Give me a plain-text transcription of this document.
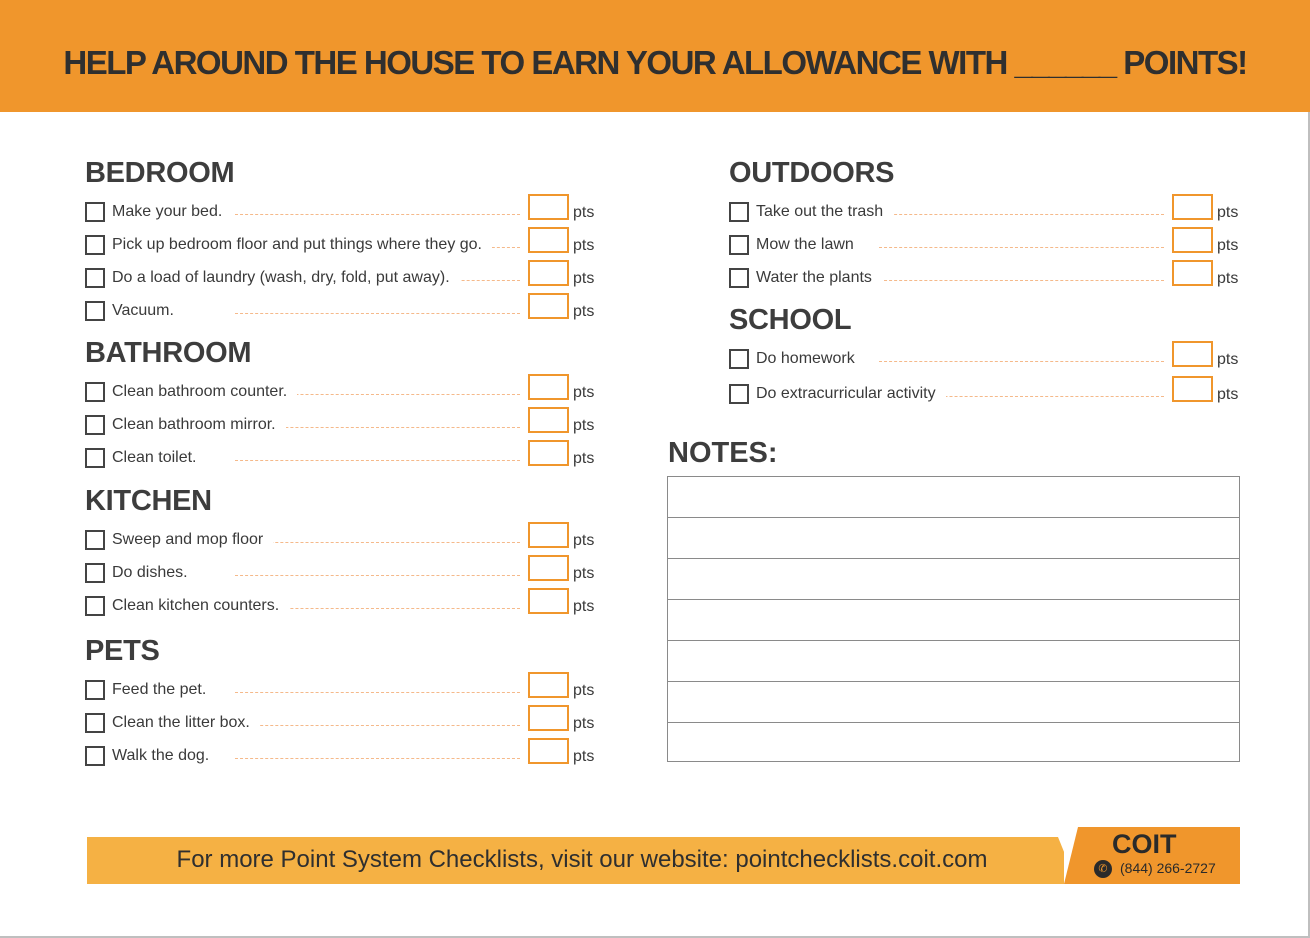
HELP AROUND THE HOUSE TO EARN YOUR ALLOWANCE WITH ______ POINTS!
BEDROOM
Make your bed.	pts
Pick up bedroom floor and put things where they go.	pts
Do a load of laundry (wash, dry, fold, put away).	pts
Vacuum.	pts
BATHROOM
Clean bathroom counter.	pts
Clean bathroom mirror.	pts
Clean toilet.	pts
KITCHEN
Sweep and mop floor	pts
Do dishes.	pts
Clean kitchen counters.	pts
PETS
Feed the pet.	pts
Clean the litter box.	pts
Walk the dog.	pts
OUTDOORS
Take out the trash	pts
Mow the lawn	pts
Water the plants	pts
SCHOOL
Do homework	pts
Do extracurricular activity	pts
NOTES:
For more Point System Checklists, visit our website: pointchecklists.coit.com
COIT
✆ (844) 266-2727
